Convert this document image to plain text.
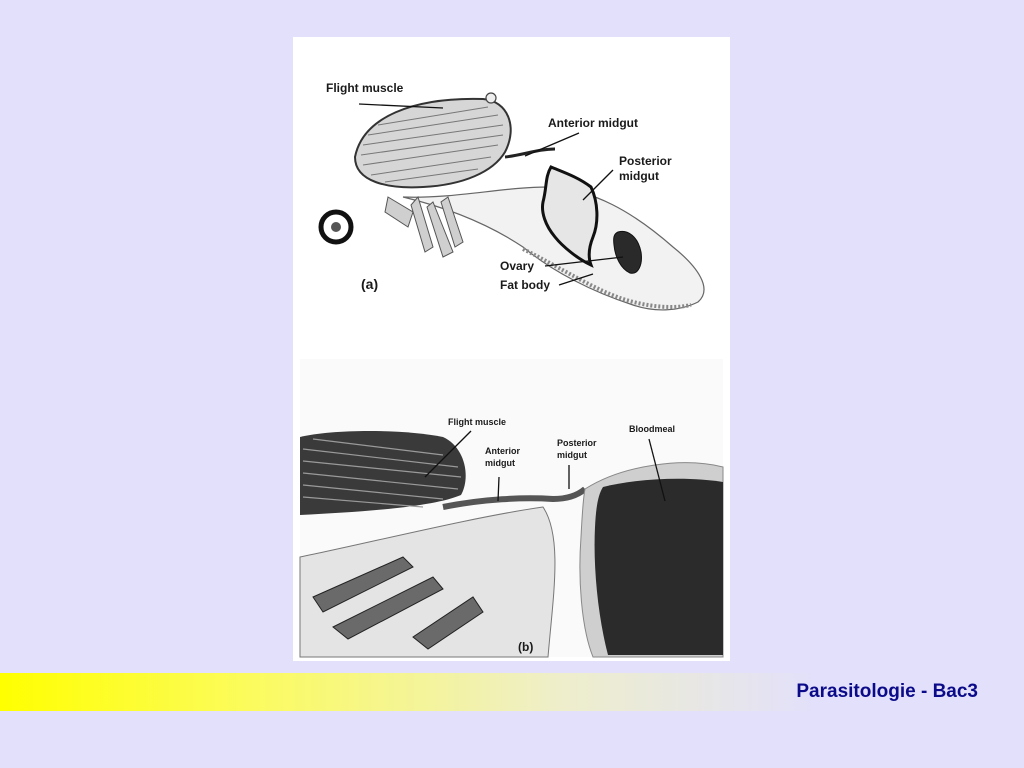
Flight muscle
Anterior midgut
Posterior
midgut
Ovary
Fat body
(a)
Flight muscle
Anterior
midgut
Posterior
midgut
Bloodmeal
(b)
Parasitologie - Bac3
